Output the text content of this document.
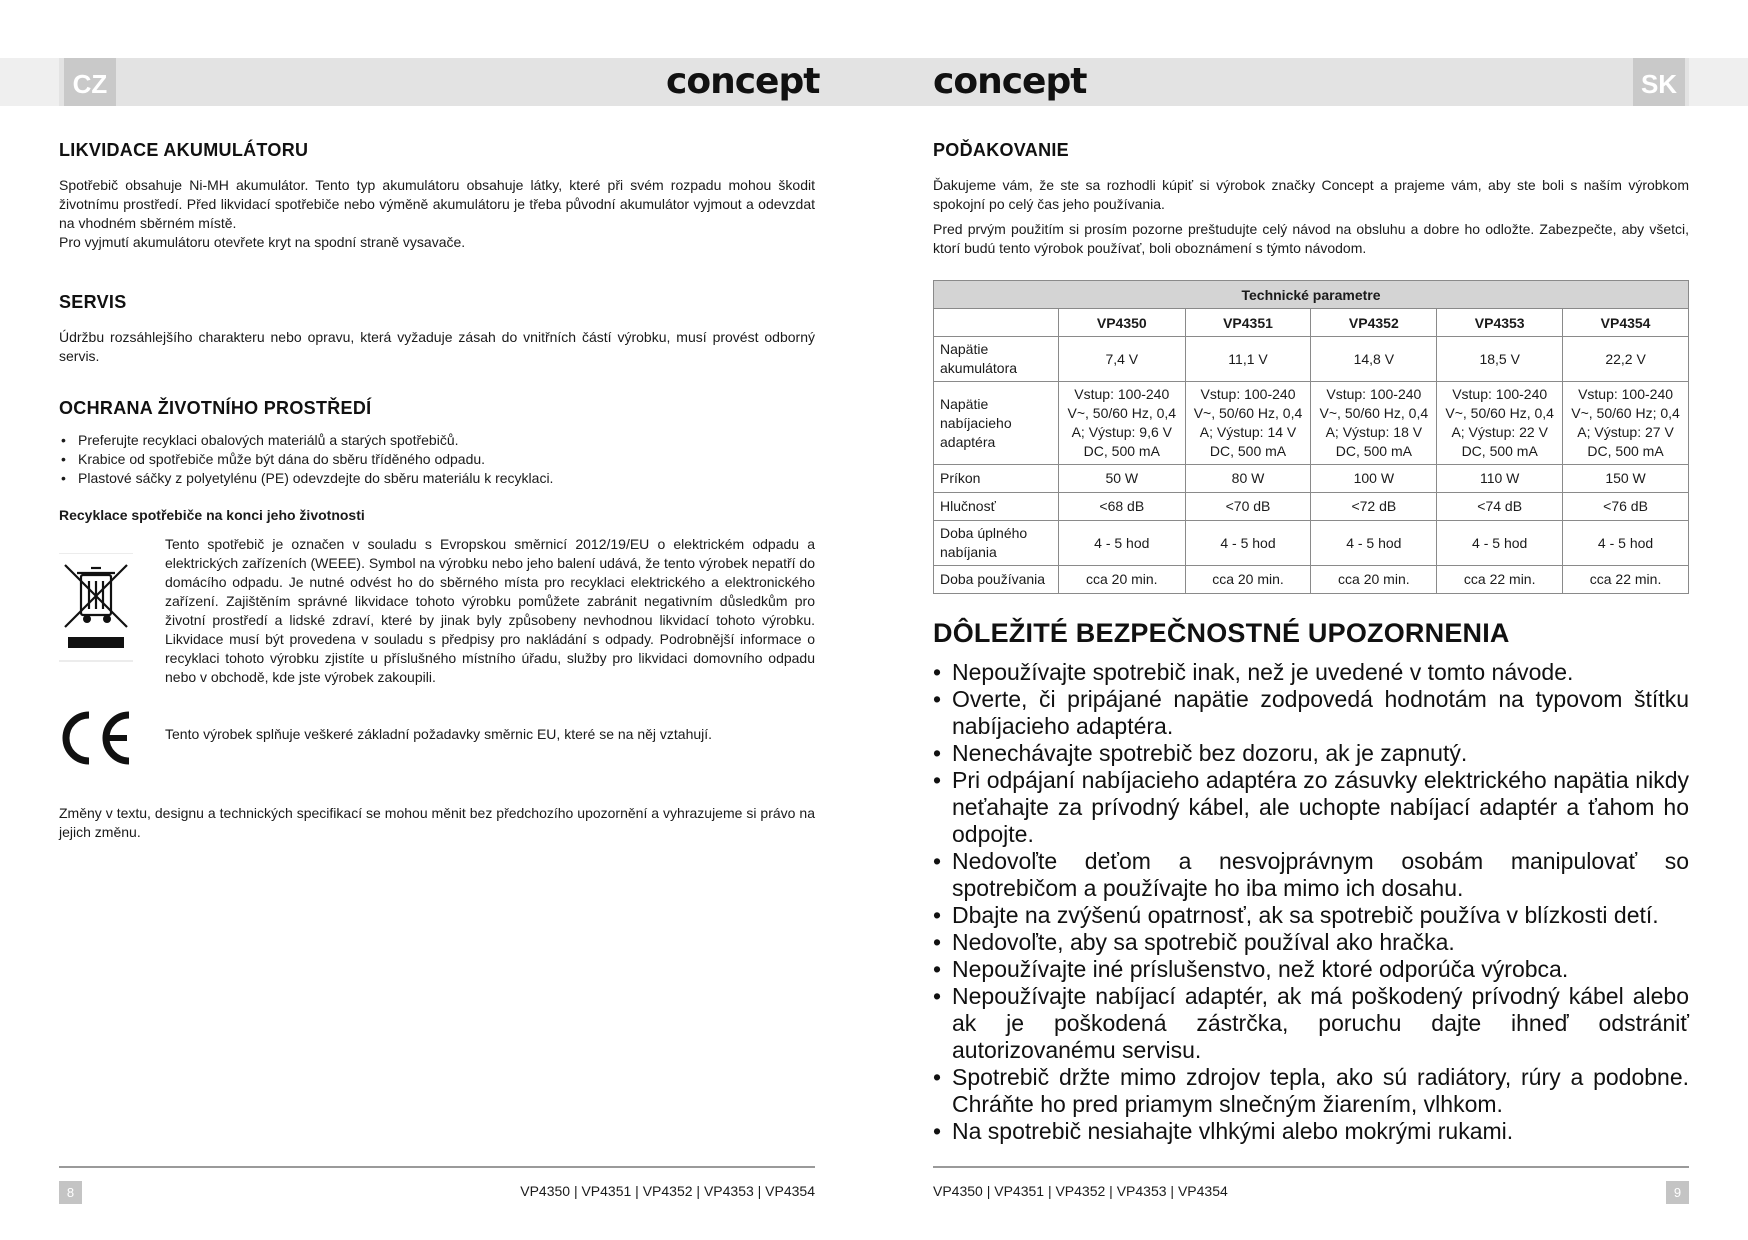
CZ	SK
concept	concept
LIKVIDACE AKUMULÁTORU

Spotřebič obsahuje Ni-MH akumulátor. Tento typ akumulátoru obsahuje látky, které při svém rozpadu mohou škodit životnímu prostředí. Před likvidací spotřebiče nebo výměně akumulátoru je třeba původní akumulátor vyjmout a odevzdat na vhodném sběrném místě.

Pro vyjmutí akumulátoru otevřete kryt na spodní straně vysavače.

SERVIS

Údržbu rozsáhlejšího charakteru nebo opravu, která vyžaduje zásah do vnitřních částí výrobku, musí provést odborný servis.

OCHRANA ŽIVOTNÍHO PROSTŘEDÍ
• Preferujte recyklaci obalových materiálů a starých spotřebičů.
• Krabice od spotřebiče může být dána do sběru tříděného odpadu.
• Plastové sáčky z polyetylénu (PE) odevzdejte do sběru materiálu k recyklaci.
Recyklace spotřebiče na konci jeho životnosti

Tento spotřebič je označen v souladu s Evropskou směrnicí 2012/19/EU o elektrickém odpadu a elektrických zařízeních (WEEE). Symbol na výrobku nebo jeho balení udává, že tento výrobek nepatří do domácího odpadu. Je nutné odvést ho do sběrného místa pro recyklaci elektrického a elektronického zařízení. Zajištěním správné likvidace tohoto výrobku pomůžete zabránit negativním důsledkům pro životní prostředí a lidské zdraví, které by jinak byly způsobeny nevhodnou likvidací tohoto výrobku. Likvidace musí být provedena v souladu s předpisy pro nakládání s odpady. Podrobnější informace o recyklaci tohoto výrobku zjistíte u příslušného místního úřadu, služby pro likvidaci domovního odpadu nebo v obchodě, kde jste výrobek zakoupili.

Tento výrobek splňuje veškeré základní požadavky směrnic EU, které se na něj vztahují.

Změny v textu, designu a technických specifikací se mohou měnit bez předchozího upozornění a vyhrazujeme si právo na jejich změnu.

POĎAKOVANIE

Ďakujeme vám, že ste sa rozhodli kúpiť si výrobok značky Concept a prajeme vám, aby ste boli s naším výrobkom spokojní po celý čas jeho používania.

Pred prvým použitím si prosím pozorne preštudujte celý návod na obsluhu a dobre ho odložte. Zabezpečte, aby všetci, ktorí budú tento výrobok používať, boli oboznámení s týmto návodom.

Technické parametre					
	VP4350	VP4351	VP4352	VP4353	VP4354
Napätie akumulátora	7,4 V	11,1 V	14,8 V	18,5 V	22,2 V
Napätie nabíjacieho adaptéra	Vstup: 100-240 V~, 50/60 Hz, 0,4 A; Výstup: 9,6 V DC, 500 mA	Vstup: 100-240 V~, 50/60 Hz, 0,4 A; Výstup: 14 V DC, 500 mA	Vstup: 100-240 V~, 50/60 Hz, 0,4 A; Výstup: 18 V DC, 500 mA	Vstup: 100-240 V~, 50/60 Hz, 0,4 A; Výstup: 22 V DC, 500 mA	Vstup: 100-240 V~, 50/60 Hz; 0,4 A; Výstup: 27 V DC, 500 mA
Príkon	50 W	80 W	100 W	110 W	150 W
Hlučnosť	<68 dB	<70 dB	<72 dB	<74 dB	<76 dB
Doba úplného nabíjania	4 - 5 hod	4 - 5 hod	4 - 5 hod	4 - 5 hod	4 - 5 hod
Doba používania	cca 20 min.	cca 20 min.	cca 20 min.	cca 22 min.	cca 22 min.
DÔLEŽITÉ BEZPEČNOSTNÉ UPOZORNENIA
• Nepoužívajte spotrebič inak, než je uvedené v tomto návode.
• Overte, či pripájané napätie zodpovedá hodnotám na typovom štítku nabíjacieho adaptéra.
• Nenechávajte spotrebič bez dozoru, ak je zapnutý.
• Pri odpájaní nabíjacieho adaptéra zo zásuvky elektrického napätia nikdy neťahajte za prívodný kábel, ale uchopte nabíjací adaptér a ťahom ho odpojte.
• Nedovoľte deťom a nesvojprávnym osobám manipulovať so spotrebičom a používajte ho iba mimo ich dosahu.
• Dbajte na zvýšenú opatrnosť, ak sa spotrebič používa v blízkosti detí.
• Nedovoľte, aby sa spotrebič používal ako hračka.
• Nepoužívajte iné príslušenstvo, než ktoré odporúča výrobca.
• Nepoužívajte nabíjací adaptér, ak má poškodený prívodný kábel alebo ak je poškodená zástrčka, poruchu dajte ihneď odstrániť autorizovanému servisu.
• Spotrebič držte mimo zdrojov tepla, ako sú radiátory, rúry a podobne. Chráňte ho pred priamym slnečným žiarením, vlhkom.
• Na spotrebič nesiahajte vlhkými alebo mokrými rukami.
8	VP4350 | VP4351 | VP4352 | VP4353 | VP4354	VP4350 | VP4351 | VP4352 | VP4353 | VP4354	9
